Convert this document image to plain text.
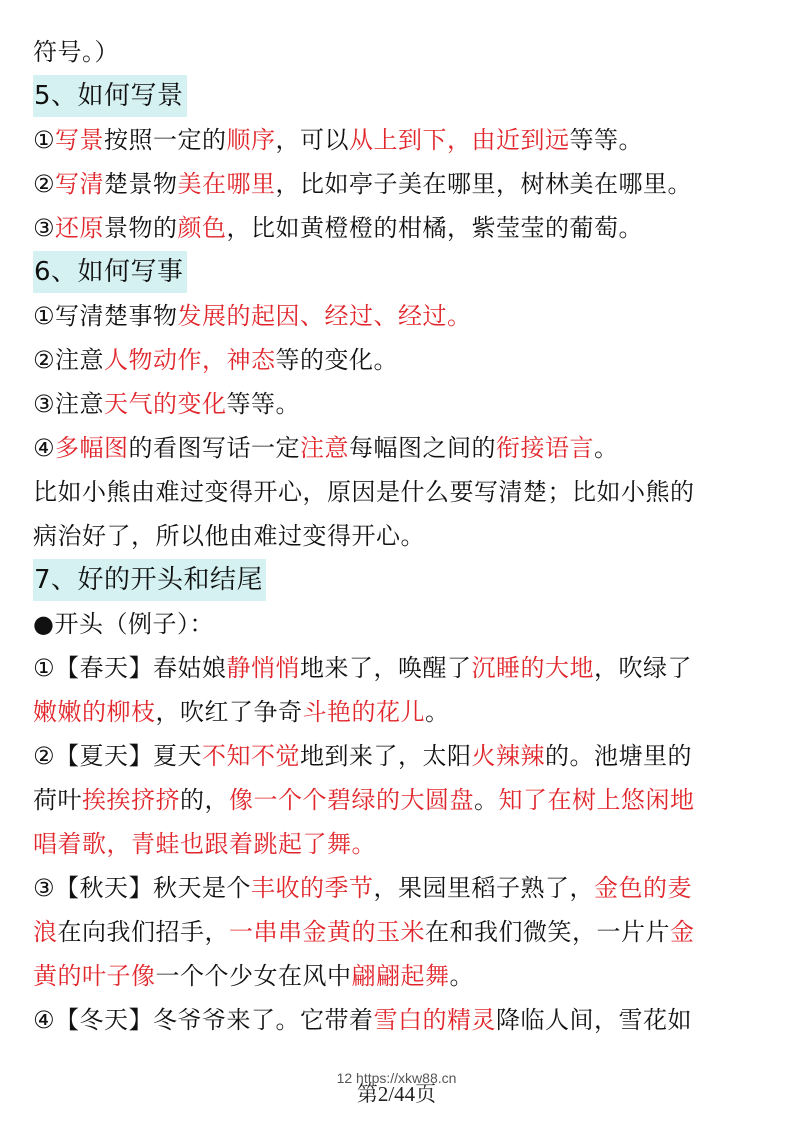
符号。）
5、如何写景
①写景按照一定的顺序，可以从上到下，由近到远等等。
②写清楚景物美在哪里，比如亭子美在哪里，树林美在哪里。
③还原景物的颜色，比如黄橙橙的柑橘，紫莹莹的葡萄。
6、如何写事
①写清楚事物发展的起因、经过、经过。
②注意人物动作，神态等的变化。
③注意天气的变化等等。
④多幅图的看图写话一定注意每幅图之间的衔接语言。
比如小熊由难过变得开心，原因是什么要写清楚；比如小熊的
病治好了，所以他由难过变得开心。
7、好的开头和结尾
●开头（例子）：
①【春天】春姑娘静悄悄地来了，唤醒了沉睡的大地，吹绿了
嫩嫩的柳枝，吹红了争奇斗艳的花儿。
②【夏天】夏天不知不觉地到来了，太阳火辣辣的。池塘里的
荷叶挨挨挤挤的，像一个个碧绿的大圆盘。知了在树上悠闲地
唱着歌，青蛙也跟着跳起了舞。
③【秋天】秋天是个丰收的季节，果园里稻子熟了，金色的麦
浪在向我们招手，一串串金黄的玉米在和我们微笑，一片片金
黄的叶子像一个个少女在风中翩翩起舞。
④【冬天】冬爷爷来了。它带着雪白的精灵降临人间，雪花如
12 https://xkw88.cn
第2/44页
